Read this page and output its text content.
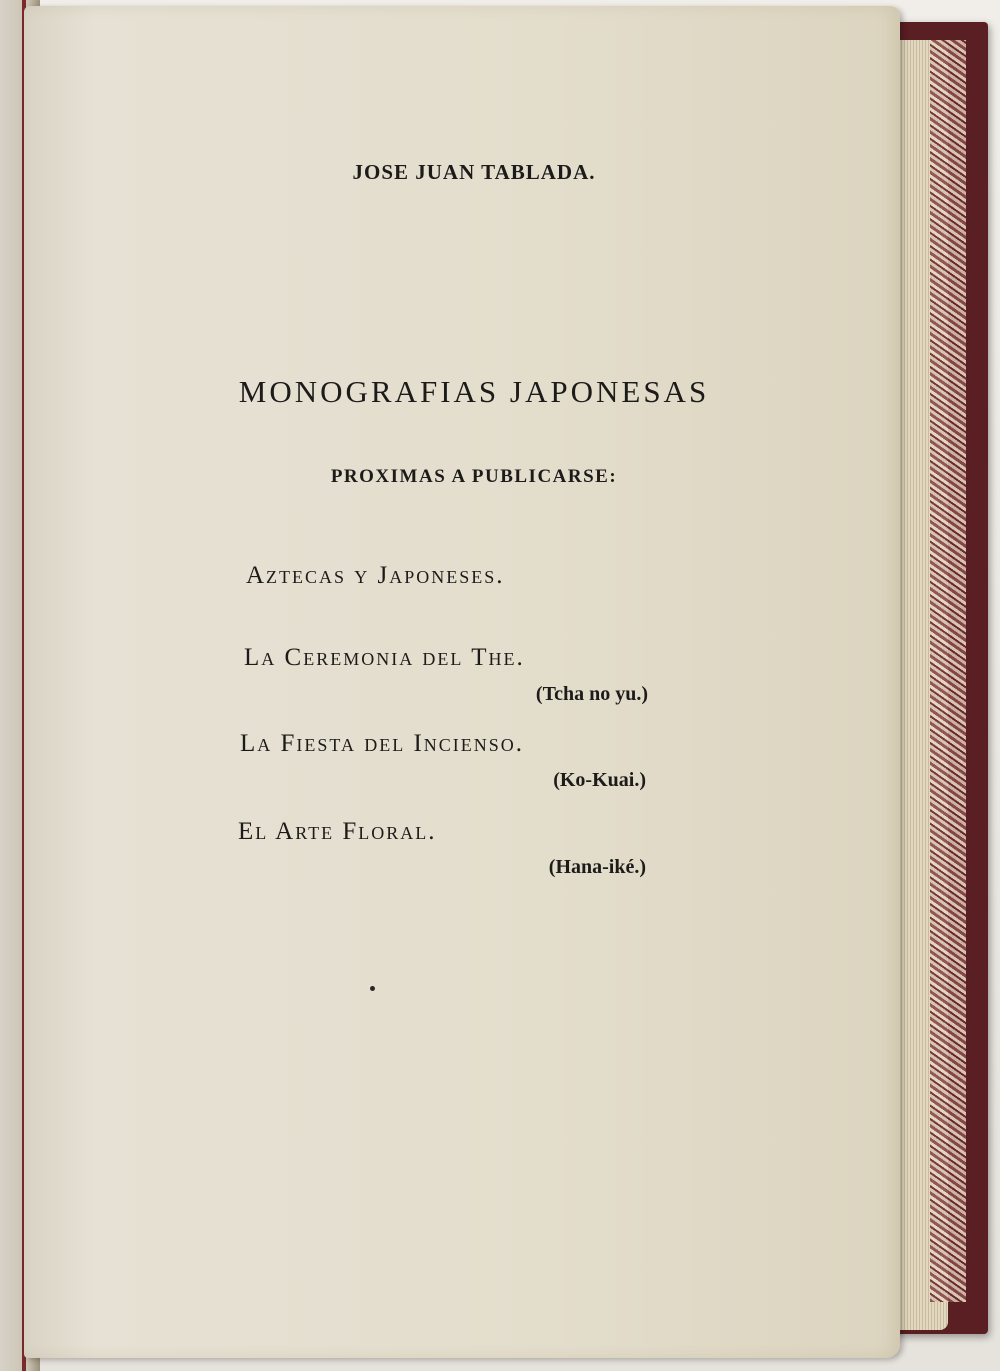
JOSE JUAN TABLADA.
MONOGRAFIAS JAPONESAS
PROXIMAS A PUBLICARSE:
Aztecas y Japoneses.
La Ceremonia del The.
(Tcha no yu.)
La Fiesta del Incienso.
(Ko-Kuai.)
El Arte Floral.
(Hana-iké.)
